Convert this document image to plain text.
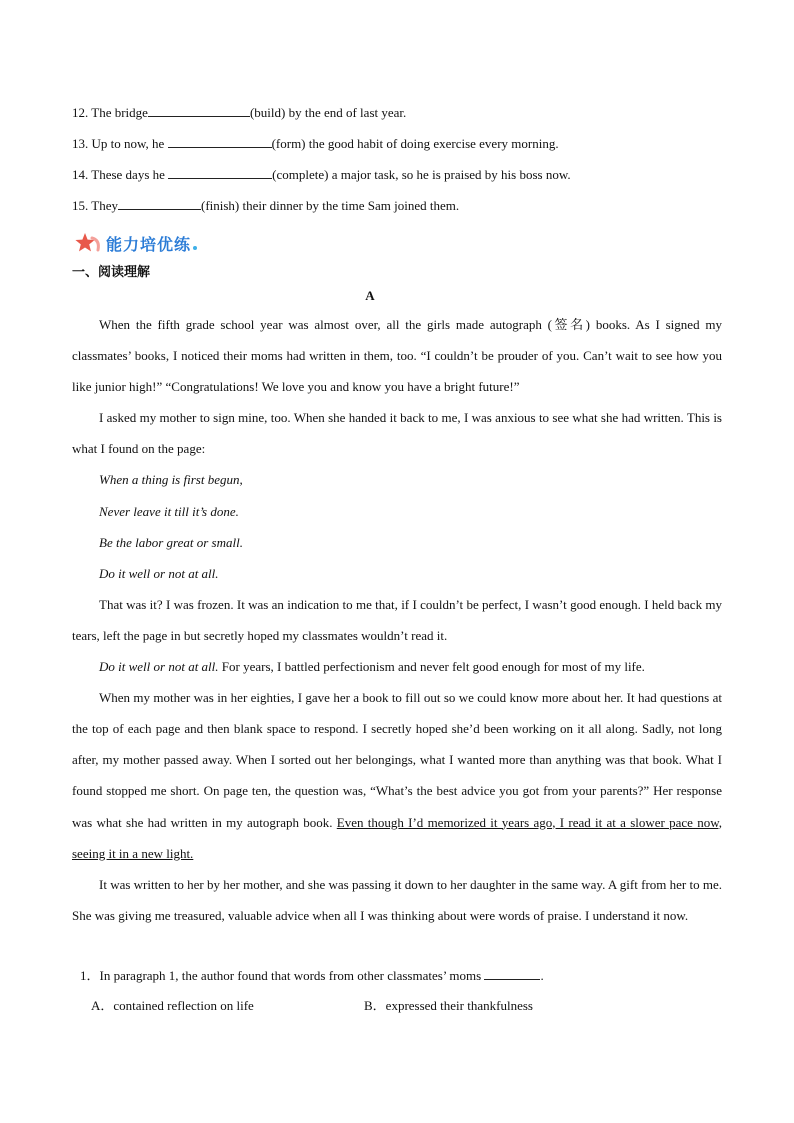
12. The bridge	(build) by the end of last year.
13. Up to now, he	(form) the good habit of doing exercise every morning.
14. These days he	(complete) a major task, so he is praised by his boss now.
15. They	(finish) their dinner by the time Sam joined them.
能力培优练
一、阅读理解
A

When the fifth grade school year was almost over, all the girls made autograph (签名) books. As I signed my classmates’ books, I noticed their moms had written in them, too. “I couldn’t be prouder of you. Can’t wait to see how you like junior high!” “Congratulations! We love you and know you have a bright future!”

I asked my mother to sign mine, too. When she handed it back to me, I was anxious to see what she had written. This is what I found on the page:

When a thing is first begun,

Never leave it till it’s done.

Be the labor great or small.

Do it well or not at all.

That was it? I was frozen. It was an indication to me that, if I couldn’t be perfect, I wasn’t good enough. I held back my tears, left the page in but secretly hoped my classmates wouldn’t read it.

Do it well or not at all. For years, I battled perfectionism and never felt good enough for most of my life.

When my mother was in her eighties, I gave her a book to fill out so we could know more about her. It had questions at the top of each page and then blank space to respond. I secretly hoped she’d been working on it all along. Sadly, not long after, my mother passed away. When I sorted out her belongings, what I wanted more than anything was that book. What I found stopped me short. On page ten, the question was, “What’s the best advice you got from your parents?” Her response was what she had written in my autograph book. Even though I’d memorized it years ago, I read it at a slower pace now, seeing it in a new light.

It was written to her by her mother, and she was passing it down to her daughter in the same way. A gift from her to me. She was giving me treasured, valuable advice when all I was thinking about were words of praise. I understand it now.

1．In paragraph 1, the author found that words from other classmates’ moms	.
A．contained reflection on life	B．expressed their thankfulness
